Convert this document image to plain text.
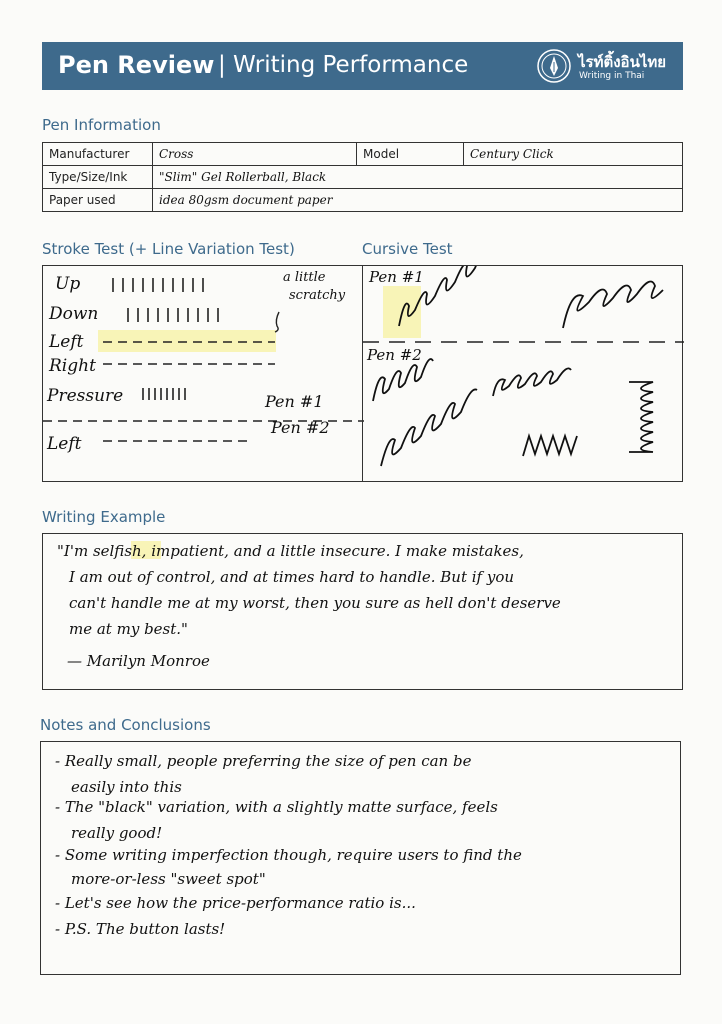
Pen Review | Writing Performance	ไรท์ติ้งอินไทย
Writing in Thai
Pen Information
Manufacturer	Cross	Model	Century Click
Type/Size/Ink	"Slim" Gel Rollerball, Black		
Paper used	idea 80gsm document paper		
Stroke Test (+ Line Variation Test)	Cursive Test
Up
Down
Left
Right
Pressure
Left
a little
scratchy
Pen #1
Pen #2
Pen #1
Pen #2
Writing Example
"I'm selfish, impatient, and a little insecure. I make mistakes,
I am out of control, and at times hard to handle. But if you
can't handle me at my worst, then you sure as hell don't deserve
me at my best."
— Marilyn Monroe
Notes and Conclusions
- Really small, people preferring the size of pen can be
easily into this
- The "black" variation, with a slightly matte surface, feels
really good!
- Some writing imperfection though, require users to find the
more-or-less "sweet spot"
- Let's see how the price-performance ratio is...
- P.S. The button lasts!
